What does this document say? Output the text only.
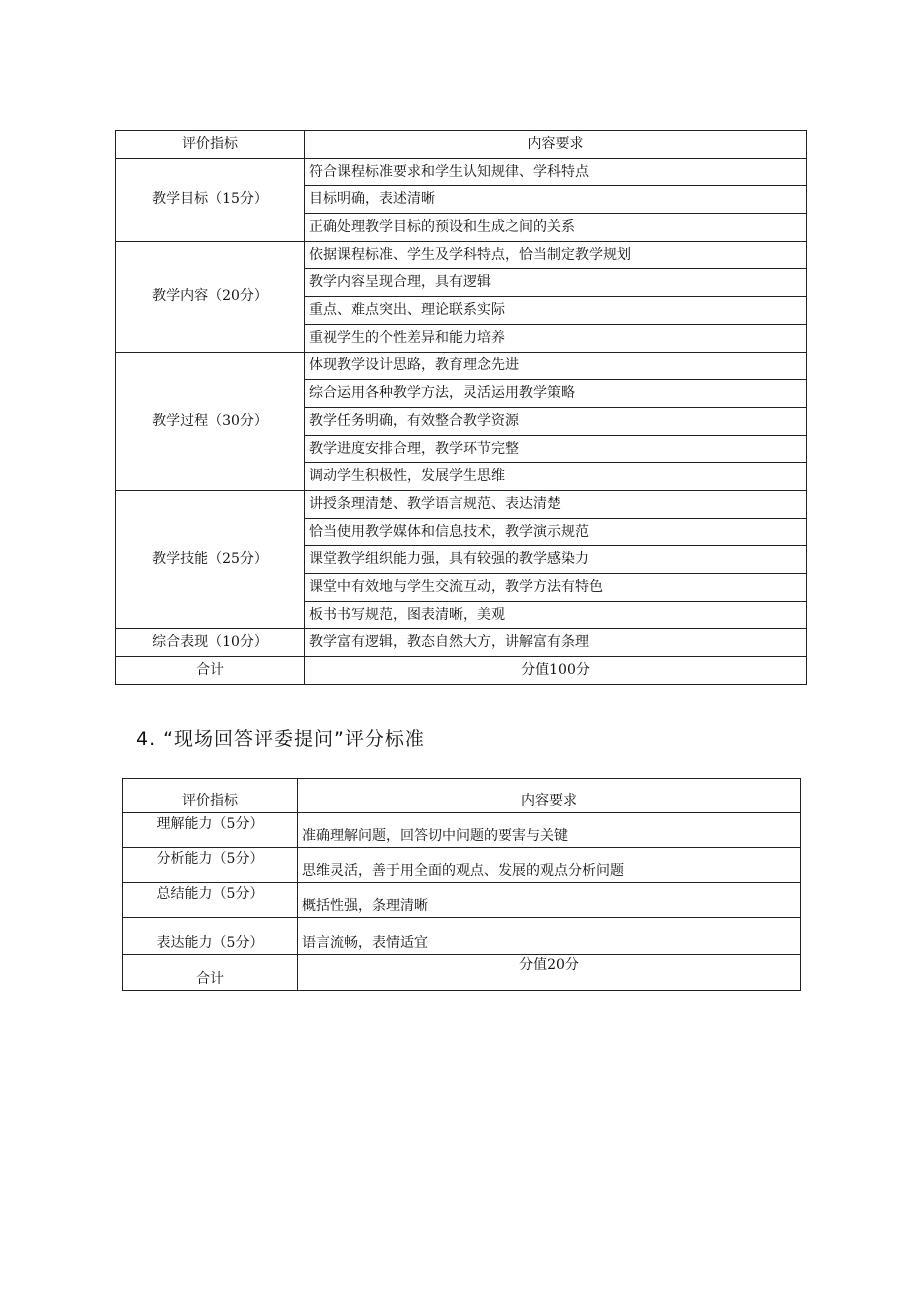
评价指标	内容要求
教学目标（15分）	符合课程标准要求和学生认知规律、学科特点
	目标明确，表述清晰
	正确处理教学目标的预设和生成之间的关系
教学内容（20分）	依据课程标准、学生及学科特点，恰当制定教学规划
	教学内容呈现合理，具有逻辑
	重点、难点突出、理论联系实际
	重视学生的个性差异和能力培养
教学过程（30分）	体现教学设计思路，教育理念先进
	综合运用各种教学方法，灵活运用教学策略
	教学任务明确，有效整合教学资源
	教学进度安排合理，教学环节完整
	调动学生积极性，发展学生思维
教学技能（25分）	讲授条理清楚、教学语言规范、表达清楚
	恰当使用教学媒体和信息技术，教学演示规范
	课堂教学组织能力强，具有较强的教学感染力
	课堂中有效地与学生交流互动，教学方法有特色
	板书书写规范，图表清晰，美观
综合表现（10分）	教学富有逻辑，教态自然大方，讲解富有条理
合计	分值100分
4. “现场回答评委提问”评分标准
评价指标	内容要求
理解能力（5分）	准确理解问题，回答切中问题的要害与关键
分析能力（5分）	思维灵活，善于用全面的观点、发展的观点分析问题
总结能力（5分）	概括性强，条理清晰
表达能力（5分）	语言流畅，表情适宜
合计	分值20分
